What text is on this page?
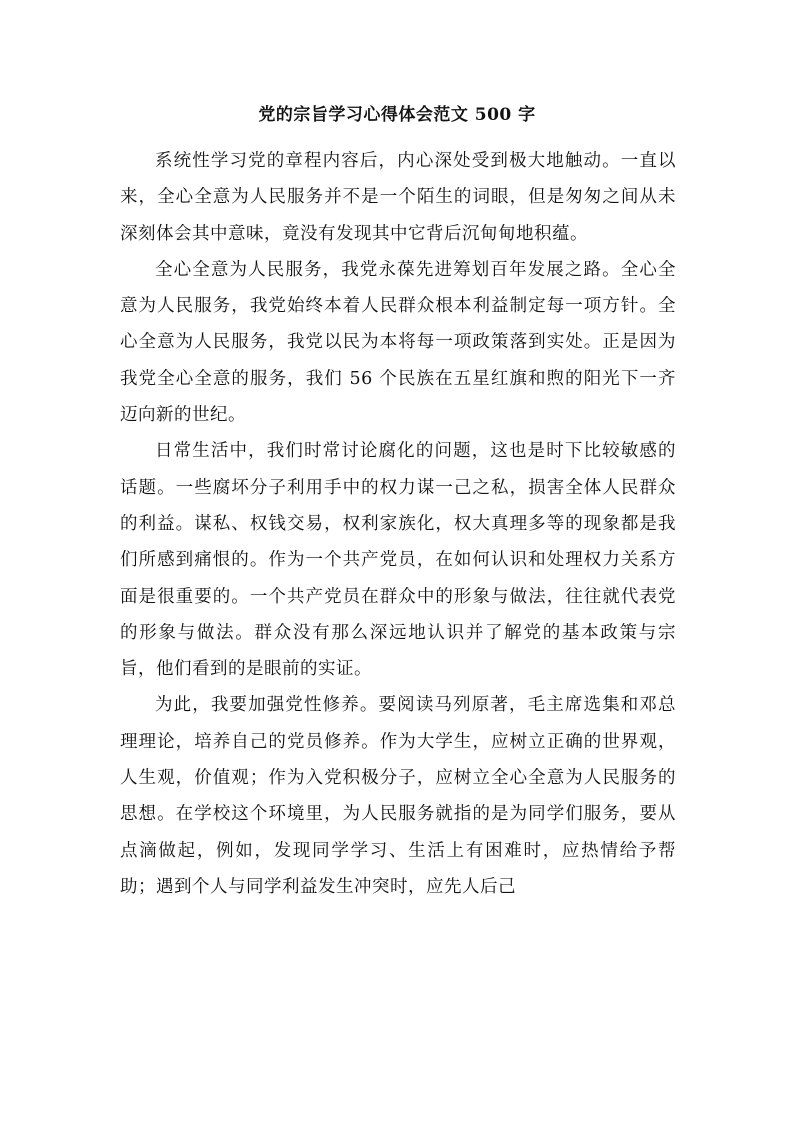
党的宗旨学习心得体会范文 500 字

系统性学习党的章程内容后，内心深处受到极大地触动。一直以来，全心全意为人民服务并不是一个陌生的词眼，但是匆匆之间从未深刻体会其中意味，竟没有发现其中它背后沉甸甸地积蕴。

全心全意为人民服务，我党永葆先进筹划百年发展之路。全心全意为人民服务，我党始终本着人民群众根本利益制定每一项方针。全心全意为人民服务，我党以民为本将每一项政策落到实处。正是因为我党全心全意的服务，我们 56 个民族在五星红旗和煦的阳光下一齐迈向新的世纪。

日常生活中，我们时常讨论腐化的问题，这也是时下比较敏感的话题。一些腐坏分子利用手中的权力谋一己之私，损害全体人民群众的利益。谋私、权钱交易，权利家族化，权大真理多等的现象都是我们所感到痛恨的。作为一个共产党员，在如何认识和处理权力关系方面是很重要的。一个共产党员在群众中的形象与做法，往往就代表党的形象与做法。群众没有那么深远地认识并了解党的基本政策与宗旨，他们看到的是眼前的实证。

为此，我要加强党性修养。要阅读马列原著，毛主席选集和邓总理理论，培养自己的党员修养。作为大学生，应树立正确的世界观，人生观，价值观；作为入党积极分子，应树立全心全意为人民服务的思想。在学校这个环境里，为人民服务就指的是为同学们服务，要从点滴做起，例如，发现同学学习、生活上有困难时，应热情给予帮助；遇到个人与同学利益发生冲突时，应先人后己
